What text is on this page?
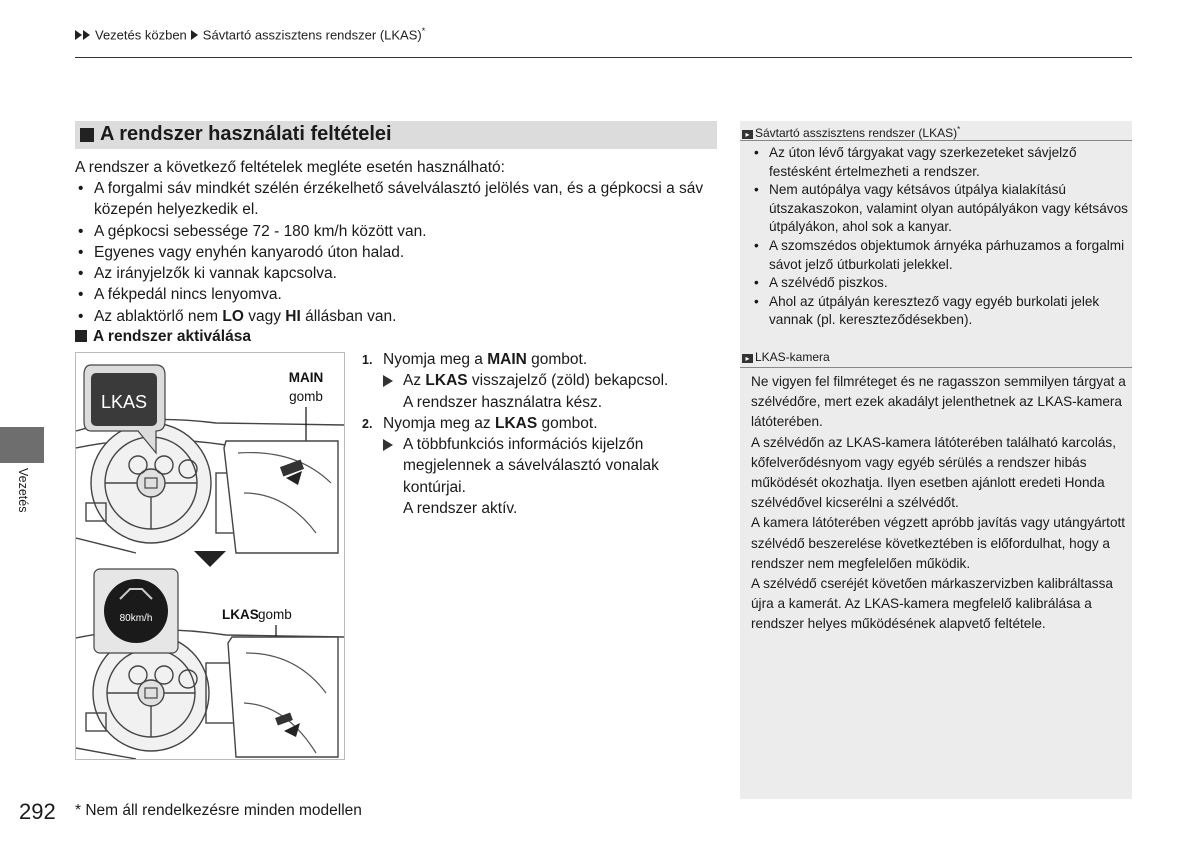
Vezetés közben Sávtartó asszisztens rendszer (LKAS)*
A rendszer használati feltételei
A rendszer a következő feltételek megléte esetén használható:
• A forgalmi sáv mindkét szélén érzékelhető sávelválasztó jelölés van, és a gépkocsi a sáv közepén helyezkedik el.
• A gépkocsi sebessége 72 - 180 km/h között van.
• Egyenes vagy enyhén kanyarodó úton halad.
• Az irányjelzők ki vannak kapcsolva.
• A fékpedál nincs lenyomva.
• Az ablaktörlő nem LO vagy HI állásban van.
A rendszer aktiválása
LKAS
MAIN
gomb
80km/h	LKAS gomb
1. Nyomja meg a MAIN gombot.
Az LKAS visszajelző (zöld) bekapcsol.
A rendszer használatra kész.
2. Nyomja meg az LKAS gombot.
A többfunkciós információs kijelzőn megjelennek a sávelválasztó vonalak kontúrjai.
A rendszer aktív.
▸ Sávtartó asszisztens rendszer (LKAS)*
• Az úton lévő tárgyakat vagy szerkezeteket sávjelző festésként értelmezheti a rendszer.
• Nem autópálya vagy kétsávos útpálya kialakítású útszakaszokon, valamint olyan autópályákon vagy kétsávos útpályákon, ahol sok a kanyar.
• A szomszédos objektumok árnyéka párhuzamos a forgalmi sávot jelző útburkolati jelekkel.
• A szélvédő piszkos.
• Ahol az útpályán keresztező vagy egyéb burkolati jelek vannak (pl. kereszteződésekben).
▸ LKAS-kamera
Ne vigyen fel filmréteget és ne ragasszon semmilyen tárgyat a szélvédőre, mert ezek akadályt jelenthetnek az LKAS-kamera látóterében.
A szélvédőn az LKAS-kamera látóterében található karcolás, kőfelverődésnyom vagy egyéb sérülés a rendszer hibás működését okozhatja. Ilyen esetben ajánlott eredeti Honda szélvédővel kicserélni a szélvédőt.
A kamera látóterében végzett apróbb javítás vagy utángyártott szélvédő beszerelése következtében is előfordulhat, hogy a rendszer nem megfelelően működik.
A szélvédő cseréjét követően márkaszervizben kalibráltassa újra a kamerát. Az LKAS-kamera megfelelő kalibrálása a rendszer helyes működésének alapvető feltétele.
Vezetés
292 * Nem áll rendelkezésre minden modellen
